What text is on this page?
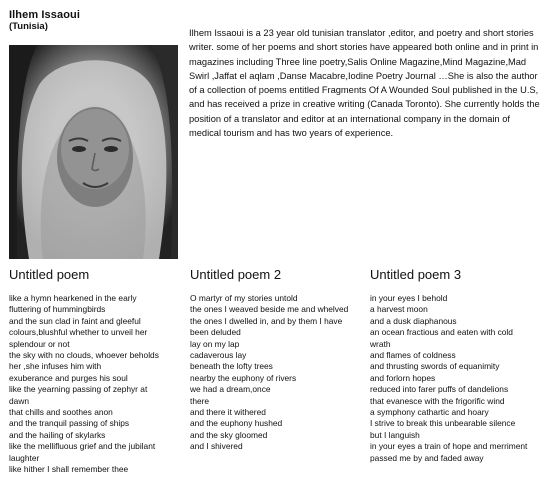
Ilhem Issaoui
(Tunisia)

Ilhem Issaoui is a 23 year old tunisian translator ,editor, and poetry and short stories writer. some of her poems and short stories have appeared both online and in print in magazines including Three line poetry,Salis Online Magazine,Mind Magazine,Mad Swirl ,Jaffat el aqlam ,Danse Macabre,Iodine Poetry Journal …She is also the author of a collection of poems entitled Fragments Of A Wounded Soul published in the U.S, and has received a prize in creative writing (Canada Toronto). She currently holds the position of a translator and editor at an international company in the domain of medical tourism and has two years of experience.

Untitled poem
like a hymn hearkened in the early
fluttering of hummingbirds
and the sun clad in faint and gleeful
colours,blushful whether to unveil her
splendour or not
the sky with no clouds, whoever beholds
her ,she infuses him with
exuberance and purges his soul
like the yearning passing of zephyr at
dawn
that chills and soothes anon
and the tranquil passing of ships
and the hailing of skylarks
like the mellifluous grief and the jubilant
laughter
like hither I shall remember thee
Untitled poem 2
O martyr of my stories untold
the ones I weaved beside me and whelved
the ones I dwelled in, and by them I have
been deluded
lay on my lap
cadaverous lay
beneath the lofty trees
nearby the euphony of rivers
we had a dream,once
there
and there it withered
and the euphony hushed
and the sky gloomed
and I shivered
Untitled poem 3
in your eyes I behold
a harvest moon
and a dusk diaphanous
an ocean fractious and eaten with cold
wrath
and flames of coldness
and thrusting swords of equanimity
and forlorn hopes
reduced into farer puffs of dandelions
that evanesce with the frigorific wind
a symphony cathartic and hoary
I strive to break this unbearable silence
but I languish
in your eyes a train of hope and merriment
passed me by and faded away
